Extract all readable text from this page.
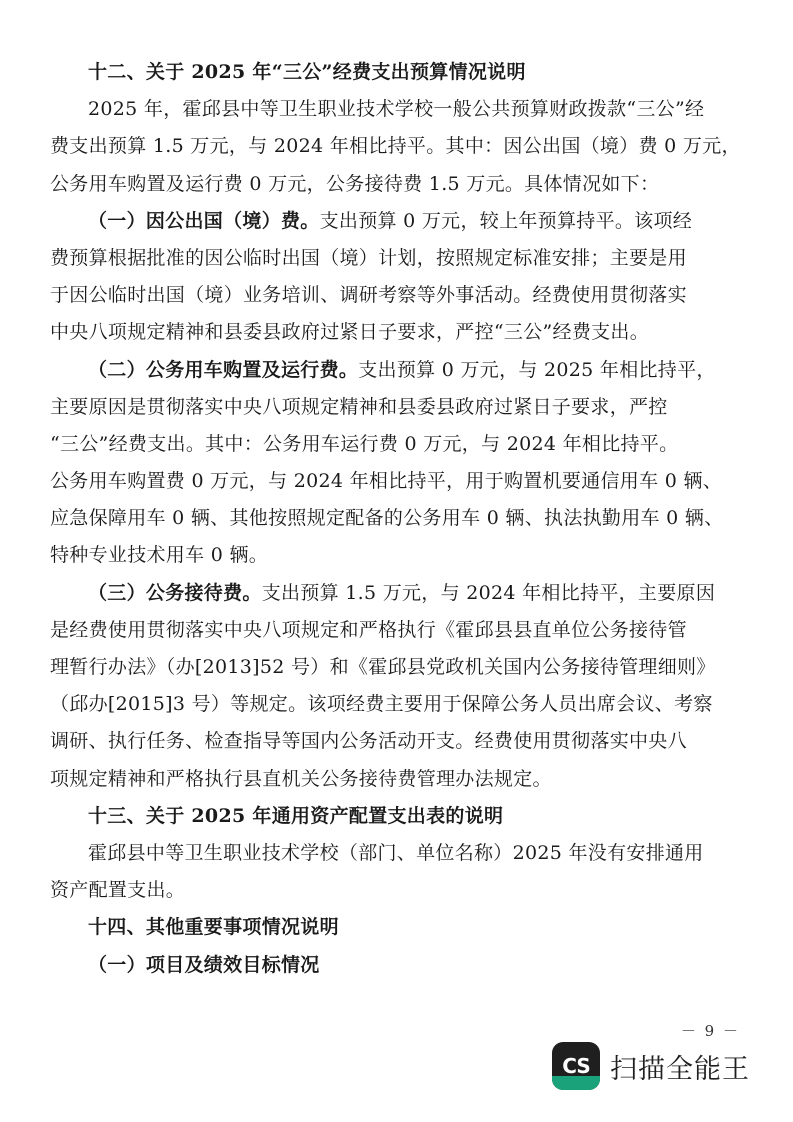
十二、关于 2025 年“三公”经费支出预算情况说明
2025 年，霍邱县中等卫生职业技术学校一般公共预算财政拨款“三公”经
费支出预算 1.5 万元，与 2024 年相比持平。其中：因公出国（境）费 0 万元，
公务用车购置及运行费 0 万元，公务接待费 1.5 万元。具体情况如下：
（一）因公出国（境）费。支出预算 0 万元，较上年预算持平。该项经
费预算根据批准的因公临时出国（境）计划，按照规定标准安排；主要是用
于因公临时出国（境）业务培训、调研考察等外事活动。经费使用贯彻落实
中央八项规定精神和县委县政府过紧日子要求，严控“三公”经费支出。
（二）公务用车购置及运行费。支出预算 0 万元，与 2025 年相比持平，
主要原因是贯彻落实中央八项规定精神和县委县政府过紧日子要求，严控
“三公”经费支出。其中：公务用车运行费 0 万元，与 2024 年相比持平。
公务用车购置费 0 万元，与 2024 年相比持平，用于购置机要通信用车 0 辆、
应急保障用车 0 辆、其他按照规定配备的公务用车 0 辆、执法执勤用车 0 辆、
特种专业技术用车 0 辆。
（三）公务接待费。支出预算 1.5 万元，与 2024 年相比持平，主要原因
是经费使用贯彻落实中央八项规定和严格执行《霍邱县县直单位公务接待管
理暂行办法》（办[2013]52 号）和《霍邱县党政机关国内公务接待管理细则》
（邱办[2015]3 号）等规定。该项经费主要用于保障公务人员出席会议、考察
调研、执行任务、检查指导等国内公务活动开支。经费使用贯彻落实中央八
项规定精神和严格执行县直机关公务接待费管理办法规定。
十三、关于 2025 年通用资产配置支出表的说明
霍邱县中等卫生职业技术学校（部门、单位名称）2025 年没有安排通用
资产配置支出。
十四、其他重要事项情况说明
（一）项目及绩效目标情况
－ 9 －
CS 扫描全能王
